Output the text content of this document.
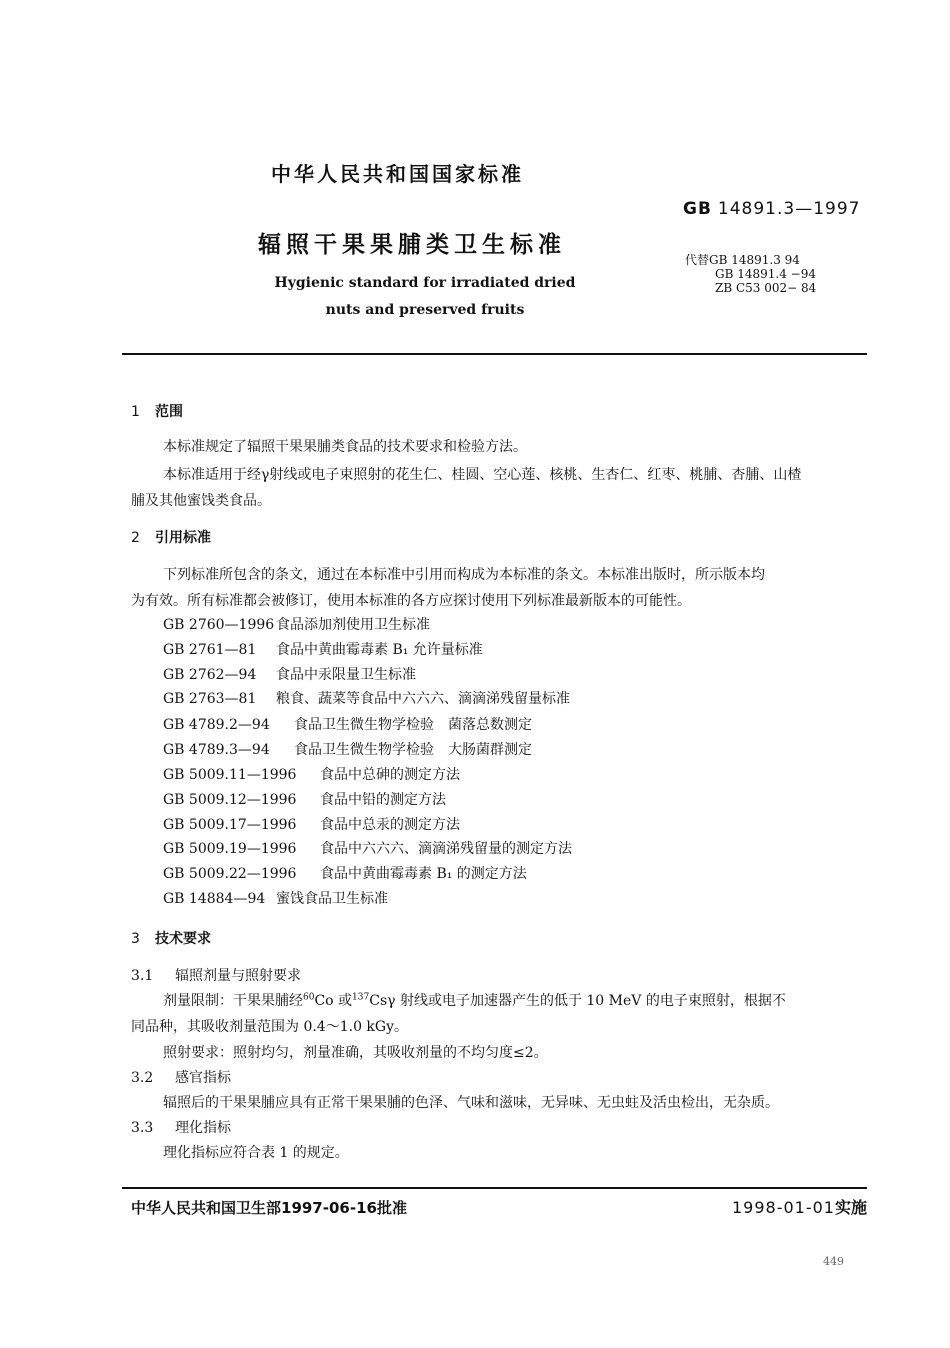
中华人民共和国国家标准
GB 14891.3—1997
辐照干果果脯类卫生标准
代替GB 14891.3 94
GB 14891.4 −94
ZB C53 002− 84
Hygienic standard for irradiated dried
nuts and preserved fruits
1 范围
本标准规定了辐照干果果脯类食品的技术要求和检验方法。
本标准适用于经γ射线或电子束照射的花生仁、桂圆、空心莲、核桃、生杏仁、红枣、桃脯、杏脯、山楂
脯及其他蜜饯类食品。
2 引用标准
下列标准所包含的条文，通过在本标准中引用而构成为本标准的条文。本标准出版时，所示版本均
为有效。所有标准都会被修订，使用本标准的各方应探讨使用下列标准最新版本的可能性。
GB 2760—1996 食品添加剂使用卫生标准
GB 2761—81 食品中黄曲霉毒素 B₁ 允许量标准
GB 2762—94 食品中汞限量卫生标准
GB 2763—81 粮食、蔬菜等食品中六六六、滴滴涕残留量标准
GB 4789.2—94 食品卫生微生物学检验　菌落总数测定
GB 4789.3—94 食品卫生微生物学检验　大肠菌群测定
GB 5009.11—1996 食品中总砷的测定方法
GB 5009.12—1996 食品中铅的测定方法
GB 5009.17—1996 食品中总汞的测定方法
GB 5009.19—1996 食品中六六六、滴滴涕残留量的测定方法
GB 5009.22—1996 食品中黄曲霉毒素 B₁ 的测定方法
GB 14884—94 蜜饯食品卫生标准
3 技术要求
3.1 辐照剂量与照射要求
剂量限制：干果果脯经$^{60}$Co 或$^{137}$Csγ 射线或电子加速器产生的低于 10 MeV 的电子束照射，根据不
同品种，其吸收剂量范围为 0.4～1.0 kGy。
照射要求：照射均匀，剂量准确，其吸收剂量的不均匀度≤2。
3.2 感官指标
辐照后的干果果脯应具有正常干果果脯的色泽、气味和滋味，无异味、无虫蛀及活虫检出，无杂质。
3.3 理化指标
理化指标应符合表 1 的规定。
中华人民共和国卫生部1997-06-16批准	1998-01-01实施
449
